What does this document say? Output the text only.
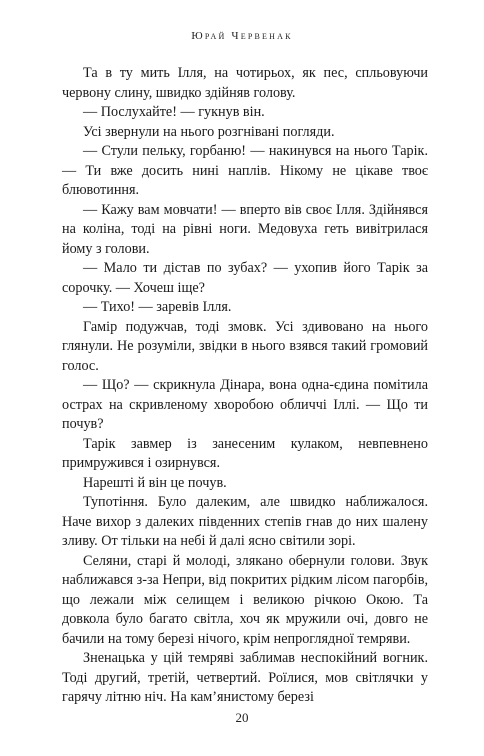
Юрай Червенак

Та в ту мить Ілля, на чотирьох, як пес, спльовуючи червону слину, швидко здійняв голову.

— Послухайте! — гукнув він.

Усі звернули на нього розгнівані погляди.

— Стули пельку, горбаню! — накинувся на нього Тарік. — Ти вже досить нині наплів. Нікому не цікаве твоє блювотиння.

— Кажу вам мовчати! — вперто вів своє Ілля. Здійнявся на коліна, тоді на рівні ноги. Медовуха геть вивітрилася йому з голови.

— Мало ти дістав по зубах? — ухопив його Тарік за сорочку. — Хочеш іще?

— Тихо! — заревів Ілля.

Гамір подужчав, тоді змовк. Усі здивовано на нього глянули. Не розуміли, звідки в нього взявся такий громовий голос.

— Що? — скрикнула Дінара, вона одна-єдина помітила острах на скривленому хворобою обличчі Іллі. — Що ти почув?

Тарік завмер із занесеним кулаком, невпевнено примружився і озирнувся.

Нарешті й він це почув.

Тупотіння. Було далеким, але швидко наближалося. Наче вихор з далеких південних степів гнав до них шалену зливу. От тільки на небі й далі ясно світили зорі.

Селяни, старі й молоді, злякано обернули голови. Звук наближався з-за Непри, від покритих рідким лісом пагорбів, що лежали між селищем і великою річкою Окою. Та довкола було багато світла, хоч як мружили очі, довго не бачили на тому березі нічого, крім непроглядної темряви.

Зненацька у цій темряві заблимав неспокійний вогник. Тоді другий, третій, четвертий. Роїлися, мов світлячки у гарячу літню ніч. На кам’янистому березі

20
